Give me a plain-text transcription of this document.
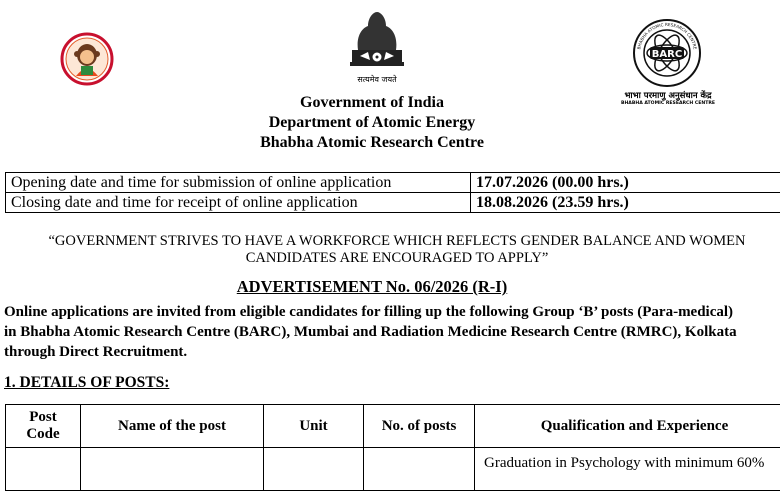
सत्यमेव जयते
BARC
BHABHA ATOMIC RESEARCH CENTRE
भाभा परमाणु अनुसंधान केंद्र
BHABHA ATOMIC RESEARCH CENTRE
Government of India
Department of Atomic Energy
Bhabha Atomic Research Centre
Opening date and time for submission of online application	17.07.2026 (00.00 hrs.)
Closing date and time for receipt of online application	18.08.2026 (23.59 hrs.)
“GOVERNMENT STRIVES TO HAVE A WORKFORCE WHICH REFLECTS GENDER BALANCE AND WOMEN
CANDIDATES ARE ENCOURAGED TO APPLY”
ADVERTISEMENT No. 06/2026 (R-I)
Online applications are invited from eligible candidates for filling up the following Group ‘B’ posts (Para-medical)
in Bhabha Atomic Research Centre (BARC), Mumbai and Radiation Medicine Research Centre (RMRC), Kolkata
through Direct Recruitment.
1. DETAILS OF POSTS:
Post
Code	Name of the post	Unit	No. of posts	Qualification and Experience

				Graduation in Psychology with minimum 60%
